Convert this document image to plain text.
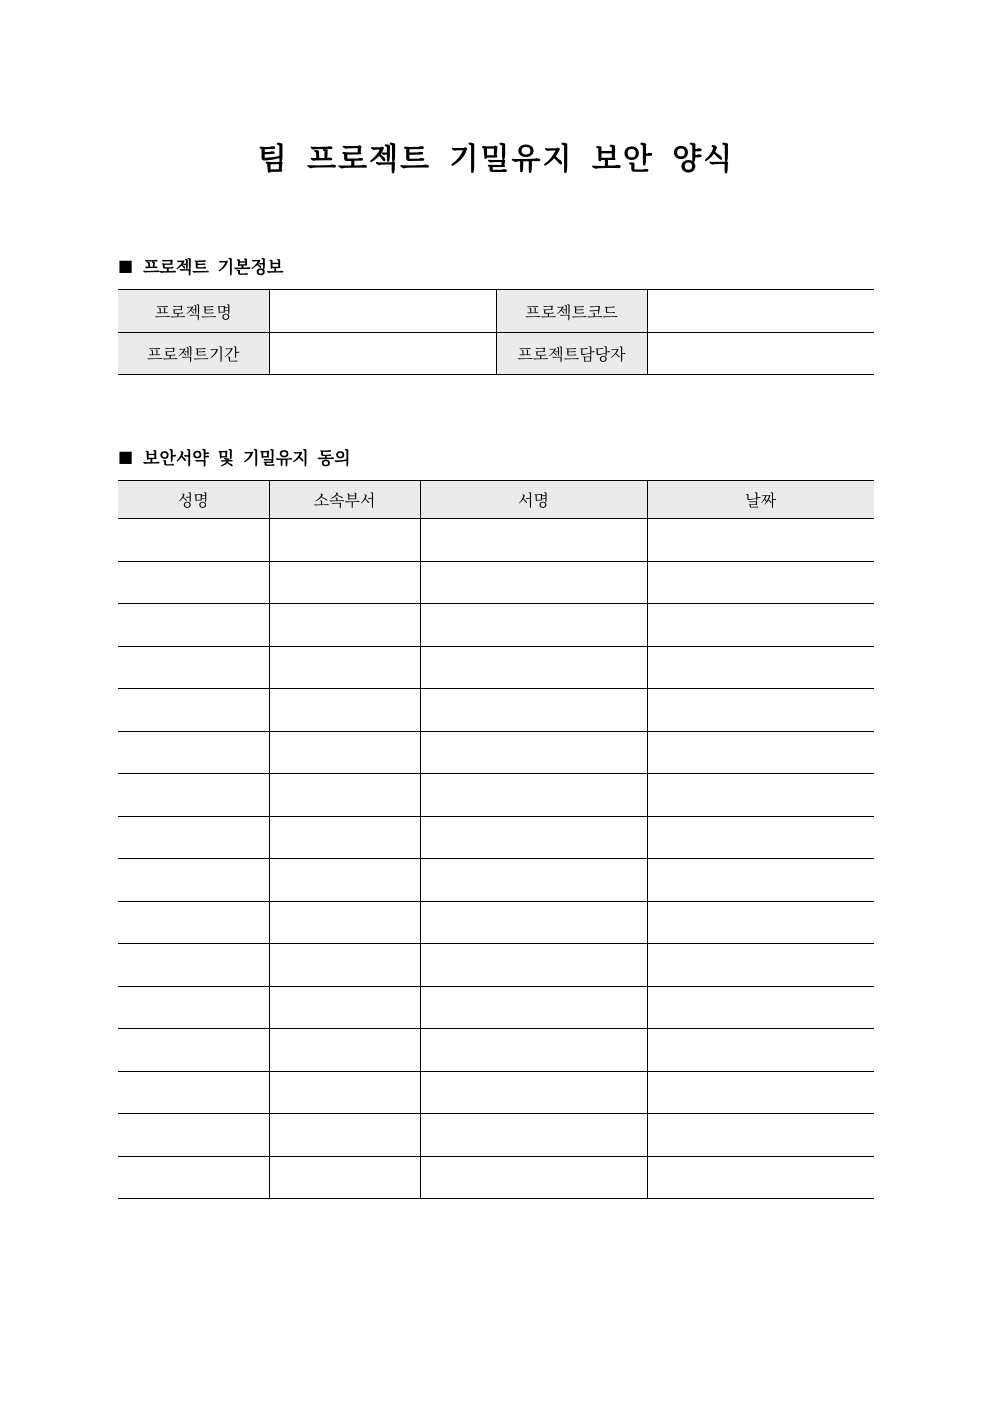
팀 프로젝트 기밀유지 보안 양식
■ 프로젝트 기본정보
프로젝트명		프로젝트코드	
프로젝트기간		프로젝트담당자	
■ 보안서약 및 기밀유지 동의
성명	소속부서	서명	날짜
